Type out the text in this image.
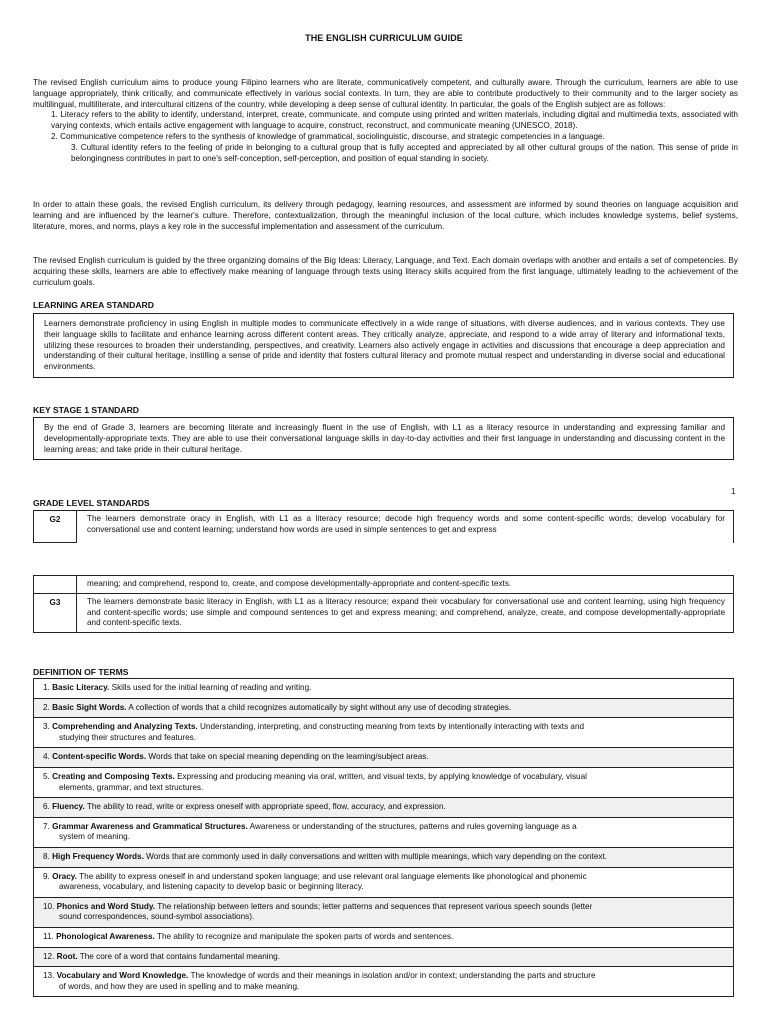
THE ENGLISH CURRICULUM GUIDE
The revised English curriculum aims to produce young Filipino learners who are literate, communicatively competent, and culturally aware. Through the curriculum, learners are able to use language appropriately, think critically, and communicate effectively in various social contexts. In turn, they are able to contribute productively to their community and to the larger society as multilingual, multiliterate, and intercultural citizens of the country, while developing a deep sense of cultural identity. In particular, the goals of the English subject are as follows:
1. Literacy refers to the ability to identify, understand, interpret, create, communicate, and compute using printed and written materials, including digital and multimedia texts, associated with varying contexts, which entails active engagement with language to acquire, construct, reconstruct, and communicate meaning (UNESCO, 2018).
2. Communicative competence refers to the synthesis of knowledge of grammatical, sociolinguistic, discourse, and strategic competencies in a language.
3. Cultural identity refers to the feeling of pride in belonging to a cultural group that is fully accepted and appreciated by all other cultural groups of the nation. This sense of pride in belongingness contributes in part to one's self-conception, self-perception, and position of equal standing in society.
In order to attain these goals, the revised English curriculum, its delivery through pedagogy, learning resources, and assessment are informed by sound theories on language acquisition and learning and are influenced by the learner's culture. Therefore, contextualization, through the meaningful inclusion of the local culture, which includes knowledge systems, belief systems, literature, mores, and norms, plays a key role in the successful implementation and assessment of the curriculum.
The revised English curriculum is guided by the three organizing domains of the Big Ideas: Literacy, Language, and Text. Each domain overlaps with another and entails a set of competencies. By acquiring these skills, learners are able to effectively make meaning of language through texts using literacy skills acquired from the first language, ultimately leading to the achievement of the curriculum goals.
LEARNING AREA STANDARD
Learners demonstrate proficiency in using English in multiple modes to communicate effectively in a wide range of situations, with diverse audiences, and in various contexts. They use their language skills to facilitate and enhance learning across different content areas. They critically analyze, appreciate, and respond to a wide array of literary and informational texts, utilizing these resources to broaden their understanding, perspectives, and creativity. Learners also actively engage in activities and discussions that encourage a deep appreciation and understanding of their cultural heritage, instilling a sense of pride and identity that fosters cultural literacy and promote mutual respect and understanding in diverse social and educational environments.
KEY STAGE 1 STANDARD
By the end of Grade 3, learners are becoming literate and increasingly fluent in the use of English, with L1 as a literacy resource in understanding and expressing familiar and developmentally-appropriate texts. They are able to use their conversational language skills in day-to-day activities and their first language in understanding and discussing content in the learning areas; and take pride in their cultural heritage.
1
GRADE LEVEL STANDARDS
G2	The learners demonstrate oracy in English, with L1 as a literacy resource; decode high frequency words and some content-specific words; develop vocabulary for conversational use and content learning; understand how words are used in simple sentences to get and express
	meaning; and comprehend, respond to, create, and compose developmentally-appropriate and content-specific texts.
G3	The learners demonstrate basic literacy in English, with L1 as a literacy resource; expand their vocabulary for conversational use and content learning, using high frequency and content-specific words; use simple and compound sentences to get and express meaning; and comprehend, analyze, create, and compose developmentally-appropriate and content-specific texts.
DEFINITION OF TERMS
1. Basic Literacy. Skills used for the initial learning of reading and writing.
2. Basic Sight Words. A collection of words that a child recognizes automatically by sight without any use of decoding strategies.
3. Comprehending and Analyzing Texts. Understanding, interpreting, and constructing meaning from texts by intentionally interacting with texts and
studying their structures and features.
4. Content-specific Words. Words that take on special meaning depending on the learning/subject areas.
5. Creating and Composing Texts. Expressing and producing meaning via oral, written, and visual texts, by applying knowledge of vocabulary, visual
elements, grammar, and text structures.
6. Fluency. The ability to read, write or express oneself with appropriate speed, flow, accuracy, and expression.
7. Grammar Awareness and Grammatical Structures. Awareness or understanding of the structures, patterns and rules governing language as a
system of meaning.
8. High Frequency Words. Words that are commonly used in daily conversations and written with multiple meanings, which vary depending on the context.
9. Oracy. The ability to express oneself in and understand spoken language; and use relevant oral language elements like phonological and phonemic
awareness, vocabulary, and listening capacity to develop basic or beginning literacy.
10. Phonics and Word Study. The relationship between letters and sounds; letter patterns and sequences that represent various speech sounds (letter
sound correspondences, sound-symbol associations).
11. Phonological Awareness. The ability to recognize and manipulate the spoken parts of words and sentences.
12. Root. The core of a word that contains fundamental meaning.
13. Vocabulary and Word Knowledge. The knowledge of words and their meanings in isolation and/or in context; understanding the parts and structure
of words, and how they are used in spelling and to make meaning.
